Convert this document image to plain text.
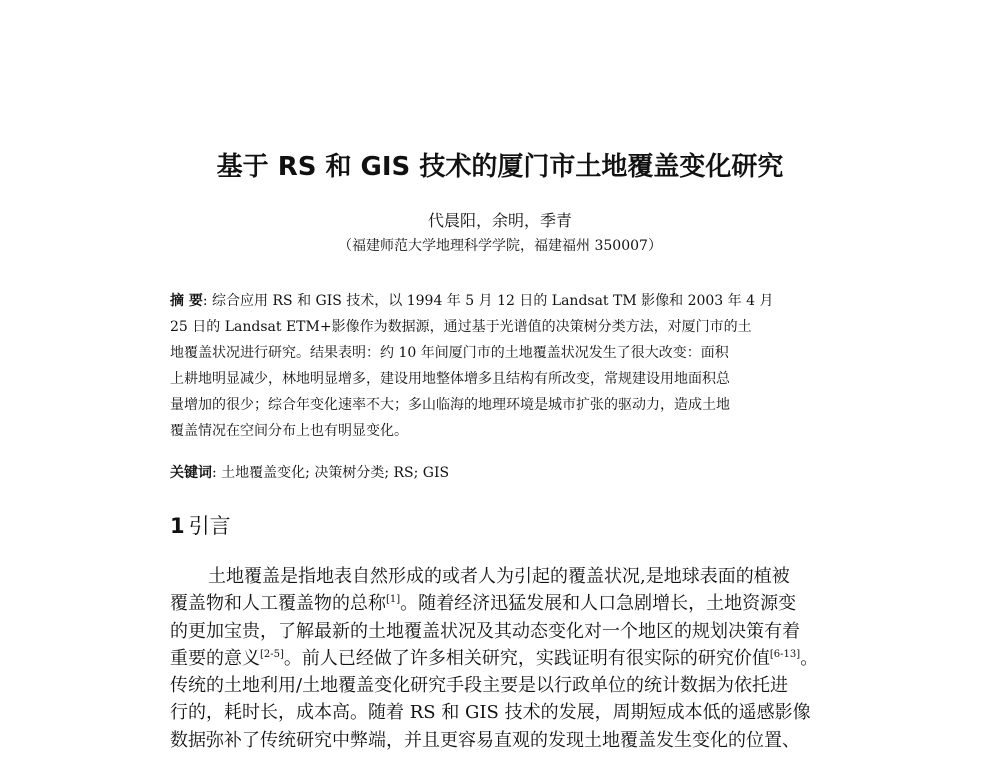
基于 RS 和 GIS 技术的厦门市土地覆盖变化研究
代晨阳，余明，季青
（福建师范大学地理科学学院，福建福州 350007）
摘 要: 综合应用 RS 和 GIS 技术，以 1994 年 5 月 12 日的 Landsat TM 影像和 2003 年 4 月
25 日的 Landsat ETM+影像作为数据源，通过基于光谱值的决策树分类方法，对厦门市的土
地覆盖状况进行研究。结果表明：约 10 年间厦门市的土地覆盖状况发生了很大改变：面积
上耕地明显减少，林地明显增多，建设用地整体增多且结构有所改变，常规建设用地面积总
量增加的很少；综合年变化速率不大；多山临海的地理环境是城市扩张的驱动力，造成土地
覆盖情况在空间分布上也有明显变化。
关键词: 土地覆盖变化; 决策树分类; RS; GIS
1 引言
土地覆盖是指地表自然形成的或者人为引起的覆盖状况,是地球表面的植被
覆盖物和人工覆盖物的总称[1]。随着经济迅猛发展和人口急剧增长，土地资源变
的更加宝贵，了解最新的土地覆盖状况及其动态变化对一个地区的规划决策有着
重要的意义[2-5]。前人已经做了许多相关研究，实践证明有很实际的研究价值[6-13]。
传统的土地利用/土地覆盖变化研究手段主要是以行政单位的统计数据为依托进
行的，耗时长，成本高。随着 RS 和 GIS 技术的发展，周期短成本低的遥感影像
数据弥补了传统研究中弊端，并且更容易直观的发现土地覆盖发生变化的位置、
